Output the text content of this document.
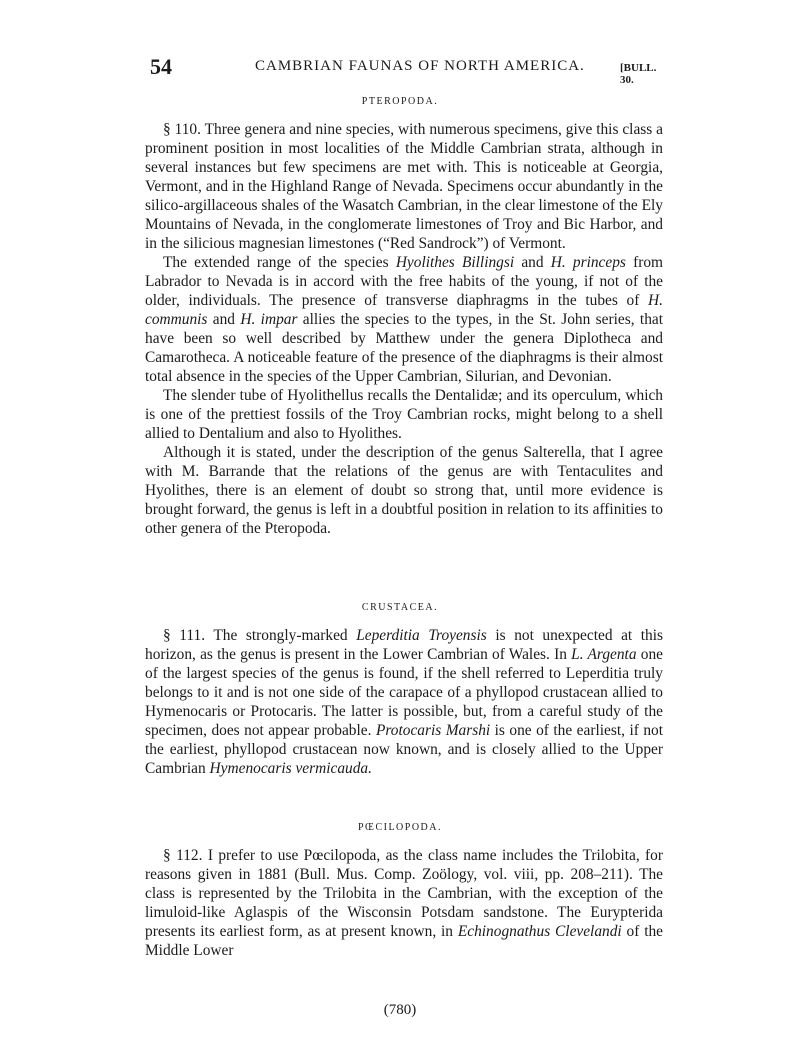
54	CAMBRIAN FAUNAS OF NORTH AMERICA.	[BULL. 30.
PTEROPODA.

§ 110. Three genera and nine species, with numerous specimens, give this class a prominent position in most localities of the Middle Cambrian strata, although in several instances but few specimens are met with. This is noticeable at Georgia, Vermont, and in the Highland Range of Nevada. Specimens occur abundantly in the silico-argillaceous shales of the Wasatch Cambrian, in the clear limestone of the Ely Mountains of Nevada, in the conglomerate limestones of Troy and Bic Harbor, and in the silicious magnesian limestones (“Red Sandrock”) of Vermont.

The extended range of the species Hyolithes Billingsi and H. princeps from Labrador to Nevada is in accord with the free habits of the young, if not of the older, individuals. The presence of transverse diaphragms in the tubes of H. communis and H. impar allies the species to the types, in the St. John series, that have been so well described by Matthew under the genera Diplotheca and Camarotheca. A noticeable feature of the presence of the diaphragms is their almost total absence in the species of the Upper Cambrian, Silurian, and Devonian.

The slender tube of Hyolithellus recalls the Dentalidæ; and its operculum, which is one of the prettiest fossils of the Troy Cambrian rocks, might belong to a shell allied to Dentalium and also to Hyolithes.

Although it is stated, under the description of the genus Salterella, that I agree with M. Barrande that the relations of the genus are with Tentaculites and Hyolithes, there is an element of doubt so strong that, until more evidence is brought forward, the genus is left in a doubtful position in relation to its affinities to other genera of the Pteropoda.

CRUSTACEA.

§ 111. The strongly-marked Leperditia Troyensis is not unexpected at this horizon, as the genus is present in the Lower Cambrian of Wales. In L. Argenta one of the largest species of the genus is found, if the shell referred to Leperditia truly belongs to it and is not one side of the carapace of a phyllopod crustacean allied to Hymenocaris or Protocaris. The latter is possible, but, from a careful study of the specimen, does not appear probable. Protocaris Marshi is one of the earliest, if not the earliest, phyllopod crustacean now known, and is closely allied to the Upper Cambrian Hymenocaris vermicauda.

PŒCILOPODA.

§ 112. I prefer to use Pœcilopoda, as the class name includes the Trilobita, for reasons given in 1881 (Bull. Mus. Comp. Zoölogy, vol. viii, pp. 208–211). The class is represented by the Trilobita in the Cambrian, with the exception of the limuloid-like Aglaspis of the Wisconsin Potsdam sandstone. The Eurypterida presents its earliest form, as at present known, in Echinognathus Clevelandi of the Middle Lower

(780)
